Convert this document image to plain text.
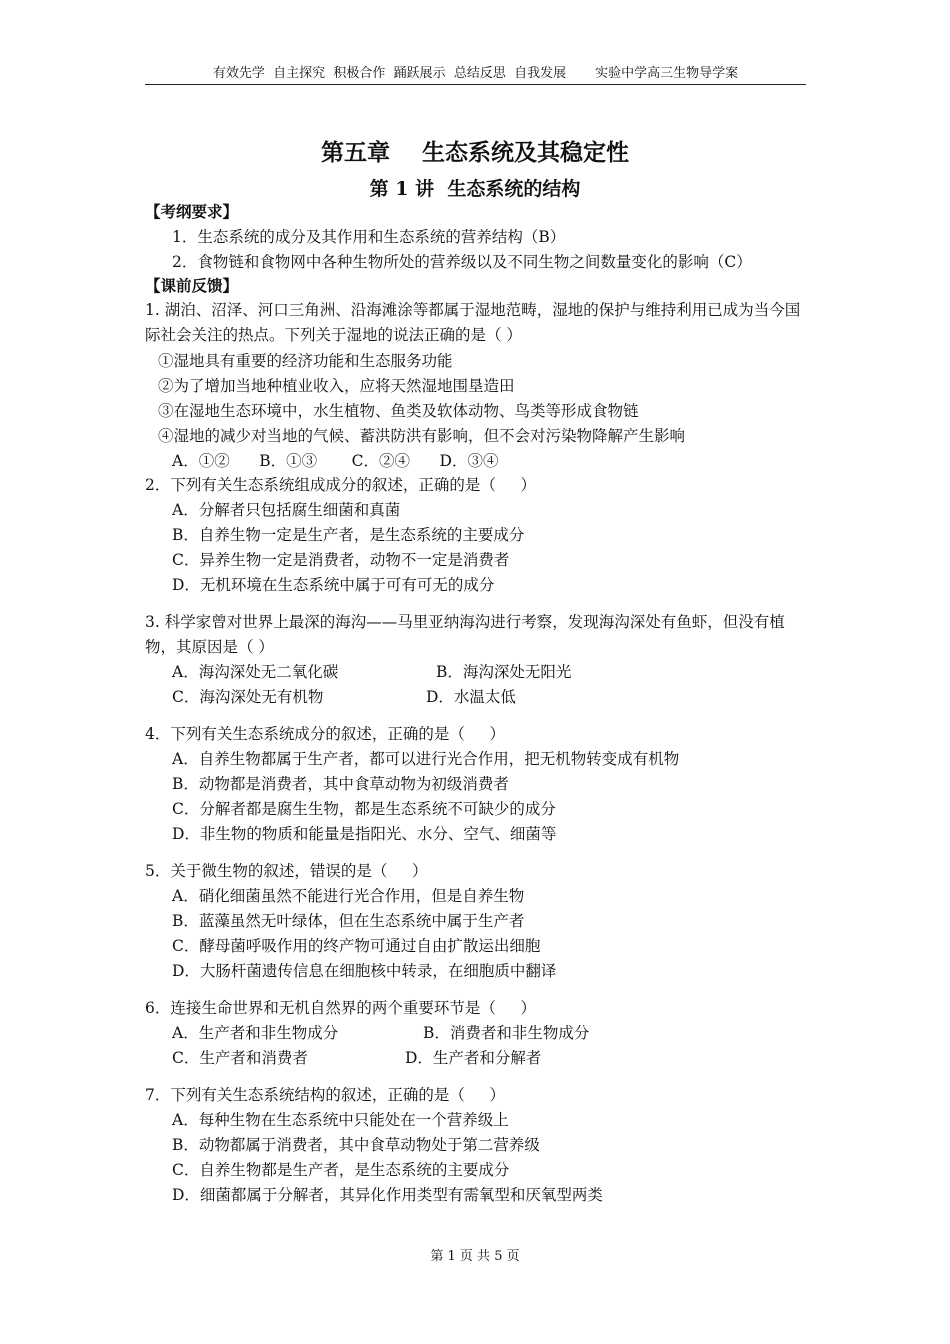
有效先学  自主探究  积极合作  踊跃展示  总结反思  自我发展       实验中学高三生物导学案
第五章    生态系统及其稳定性
第 1 讲  生态系统的结构
【考纲要求】
1．生态系统的成分及其作用和生态系统的营养结构（B）
2．食物链和食物网中各种生物所处的营养级以及不同生物之间数量变化的影响（C）
【课前反馈】
1. 湖泊、沼泽、河口三角洲、沿海滩涂等都属于湿地范畴，湿地的保护与维持利用已成为当今国际社会关注的热点。下列关于湿地的说法正确的是（ ）
①湿地具有重要的经济功能和生态服务功能
②为了增加当地种植业收入，应将天然湿地围垦造田
③在湿地生态环境中，水生植物、鱼类及软体动物、鸟类等形成食物链
④湿地的减少对当地的气候、蓄洪防洪有影响，但不会对污染物降解产生影响
A．①②      B．①③       C．②④      D．③④
2．下列有关生态系统组成成分的叙述，正确的是（     ）
A．分解者只包括腐生细菌和真菌
B．自养生物一定是生产者，是生态系统的主要成分
C．异养生物一定是消费者，动物不一定是消费者
D．无机环境在生态系统中属于可有可无的成分
3. 科学家曾对世界上最深的海沟——马里亚纳海沟进行考察，发现海沟深处有鱼虾，但没有植物，其原因是（ ）
A．海沟深处无二氧化碳	B．海沟深处无阳光
C．海沟深处无有机物	D．水温太低
4．下列有关生态系统成分的叙述，正确的是（     ）
A．自养生物都属于生产者，都可以进行光合作用，把无机物转变成有机物
B．动物都是消费者，其中食草动物为初级消费者
C．分解者都是腐生生物，都是生态系统不可缺少的成分
D．非生物的物质和能量是指阳光、水分、空气、细菌等
5．关于微生物的叙述，错误的是（     ）
A．硝化细菌虽然不能进行光合作用，但是自养生物
B．蓝藻虽然无叶绿体，但在生态系统中属于生产者
C．酵母菌呼吸作用的终产物可通过自由扩散运出细胞
D．大肠杆菌遗传信息在细胞核中转录，在细胞质中翻译
6．连接生命世界和无机自然界的两个重要环节是（     ）
A．生产者和非生物成分	B．消费者和非生物成分
C．生产者和消费者	D．生产者和分解者
7．下列有关生态系统结构的叙述，正确的是（     ）
A．每种生物在生态系统中只能处在一个营养级上
B．动物都属于消费者，其中食草动物处于第二营养级
C．自养生物都是生产者，是生态系统的主要成分
D．细菌都属于分解者，其异化作用类型有需氧型和厌氧型两类
第 1 页 共 5 页
